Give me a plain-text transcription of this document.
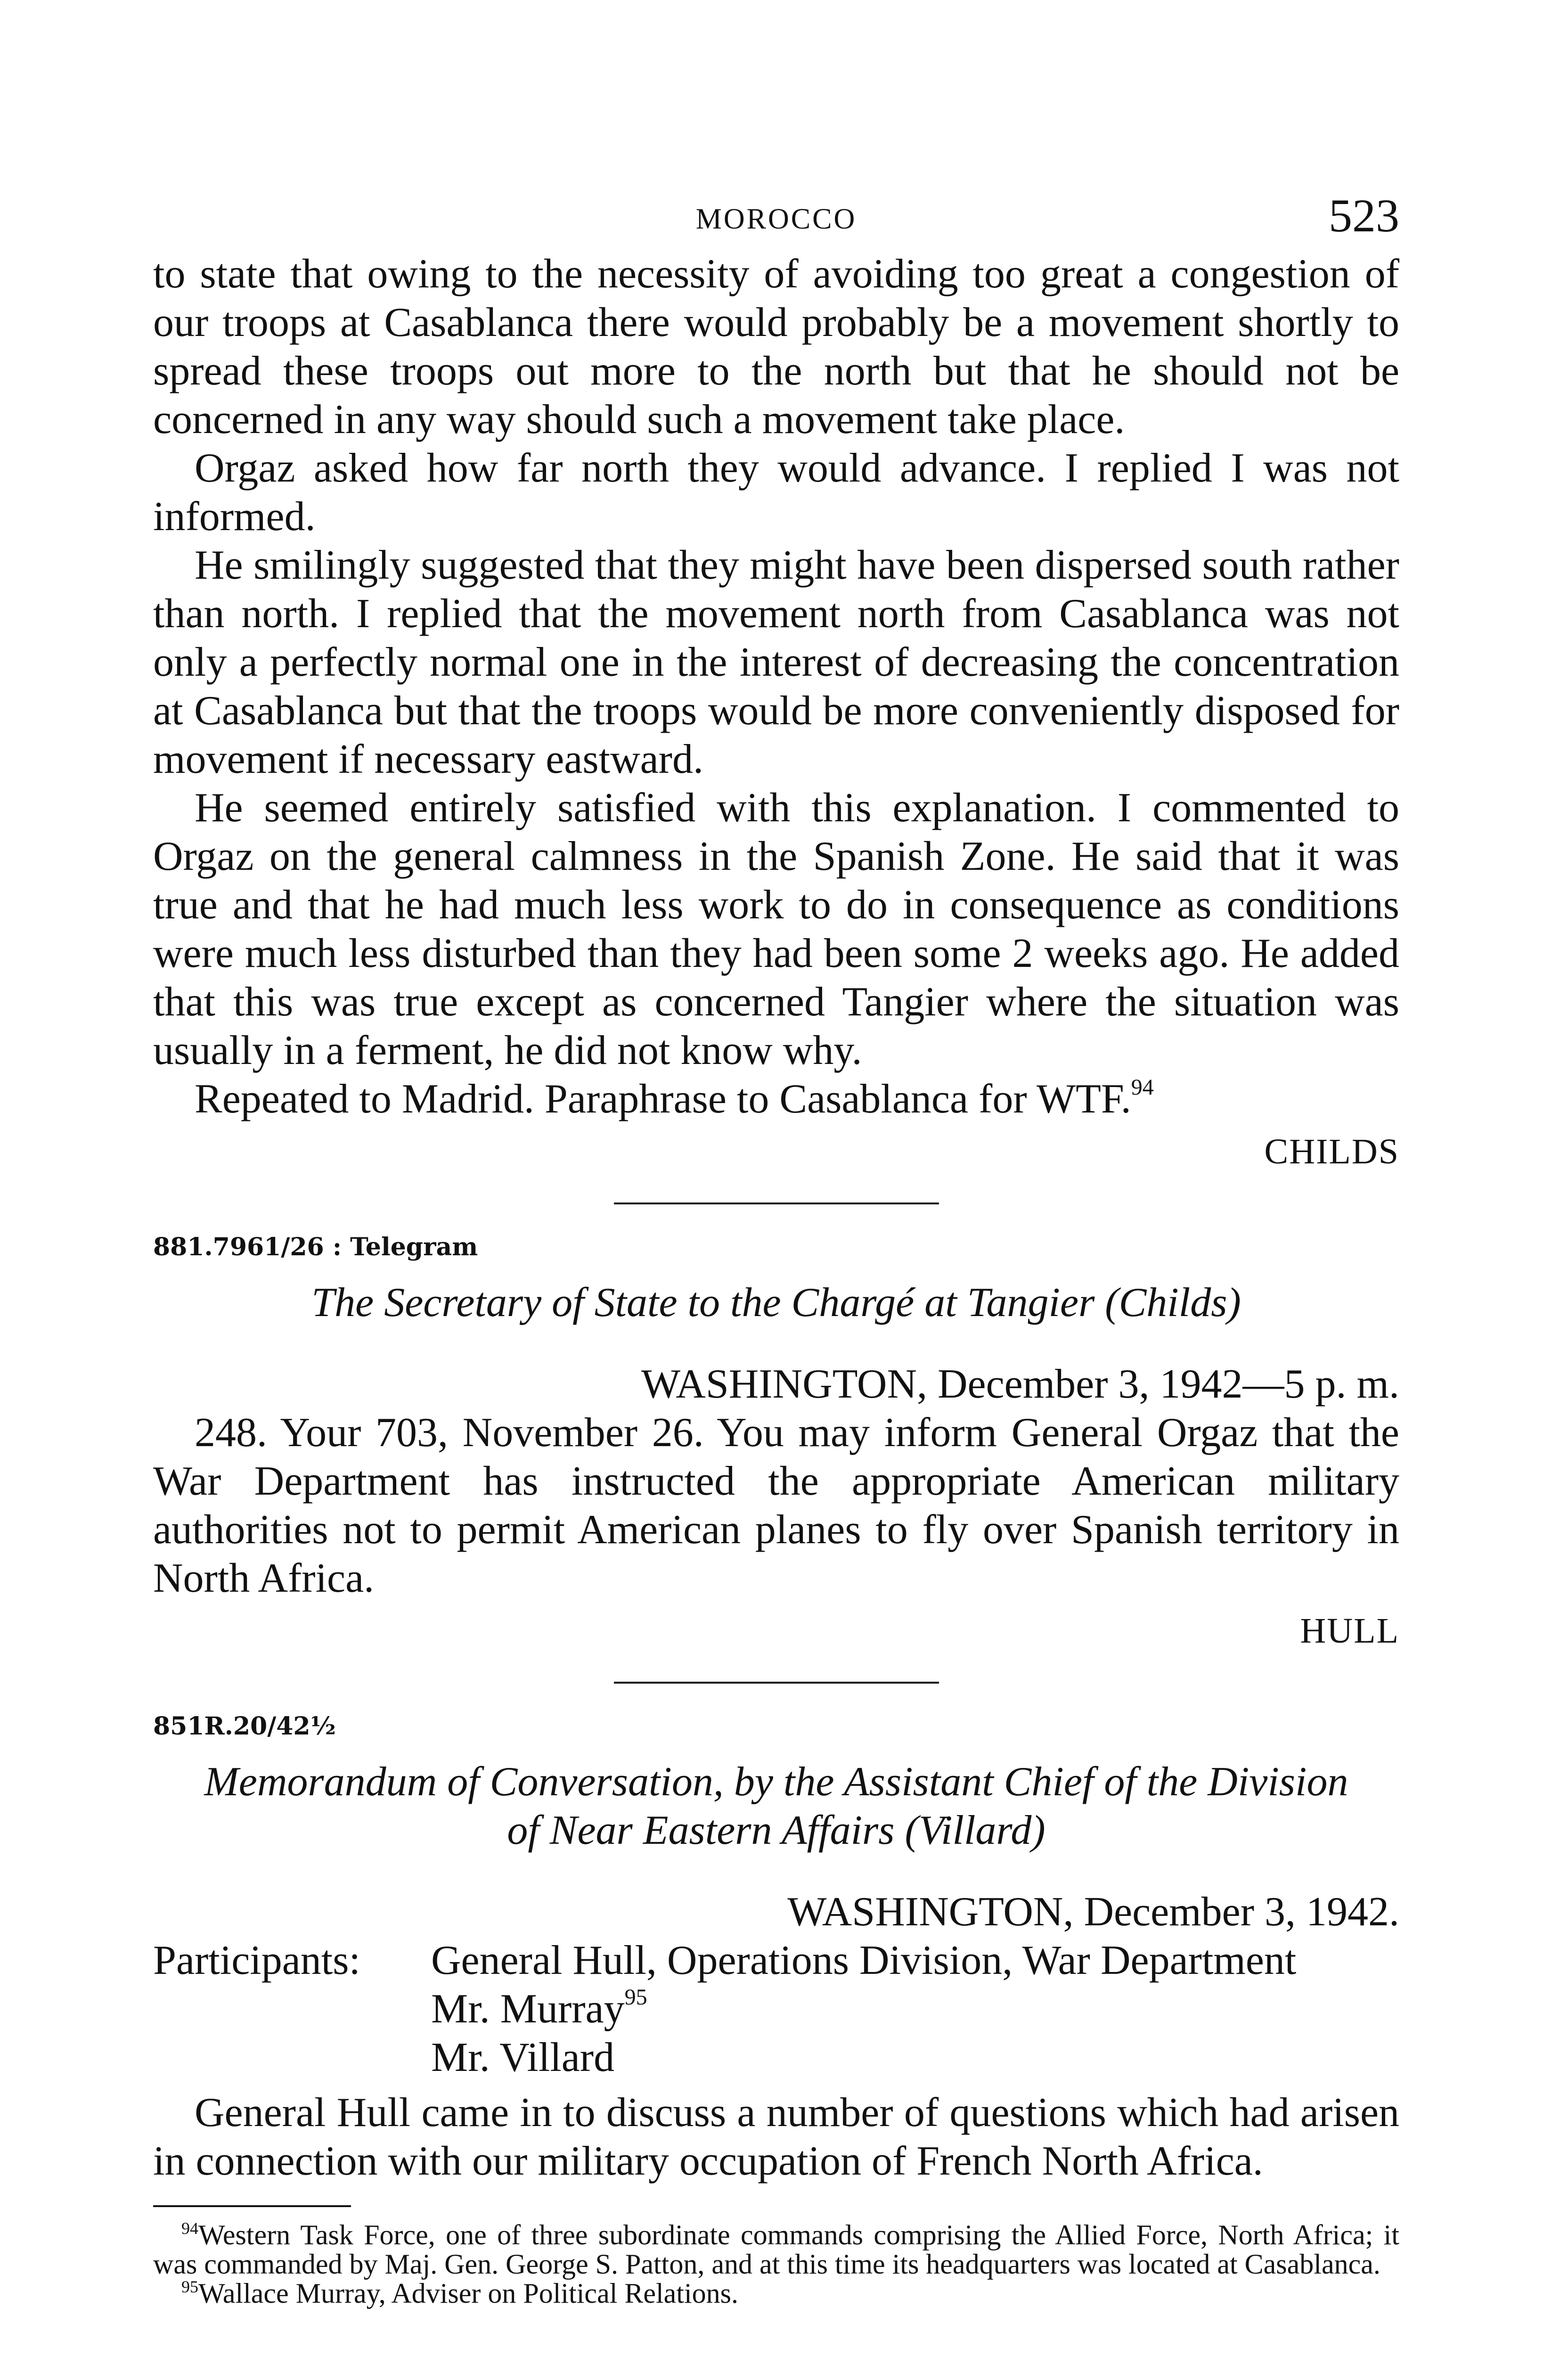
MOROCCO	523

to state that owing to the necessity of avoiding too great a congestion of our troops at Casablanca there would probably be a movement shortly to spread these troops out more to the north but that he should not be concerned in any way should such a movement take place.

Orgaz asked how far north they would advance. I replied I was not informed.

He smilingly suggested that they might have been dispersed south rather than north. I replied that the movement north from Casablanca was not only a perfectly normal one in the interest of decreasing the concentration at Casablanca but that the troops would be more conveniently disposed for movement if necessary eastward.

He seemed entirely satisfied with this explanation. I commented to Orgaz on the general calmness in the Spanish Zone. He said that it was true and that he had much less work to do in consequence as conditions were much less disturbed than they had been some 2 weeks ago. He added that this was true except as concerned Tangier where the situation was usually in a ferment, he did not know why.

Repeated to Madrid. Paraphrase to Casablanca for WTF.$^{94}$

CHILDS
881.7961/26 : Telegram
The Secretary of State to the Chargé at Tangier (Childs)
WASHINGTON, December 3, 1942—5 p. m.

248. Your 703, November 26. You may inform General Orgaz that the War Department has instructed the appropriate American military authorities not to permit American planes to fly over Spanish territory in North Africa.

HULL
851R.20/42½
Memorandum of Conversation, by the Assistant Chief of the Division
of Near Eastern Affairs (Villard)
WASHINGTON, December 3, 1942.
Participants:	General Hull, Operations Division, War Department
Mr. Murray$^{95}$
Mr. Villard

General Hull came in to discuss a number of questions which had arisen in connection with our military occupation of French North Africa.

$^{94}$Western Task Force, one of three subordinate commands comprising the Allied Force, North Africa; it was commanded by Maj. Gen. George S. Patton, and at this time its headquarters was located at Casablanca.

$^{95}$Wallace Murray, Adviser on Political Relations.
